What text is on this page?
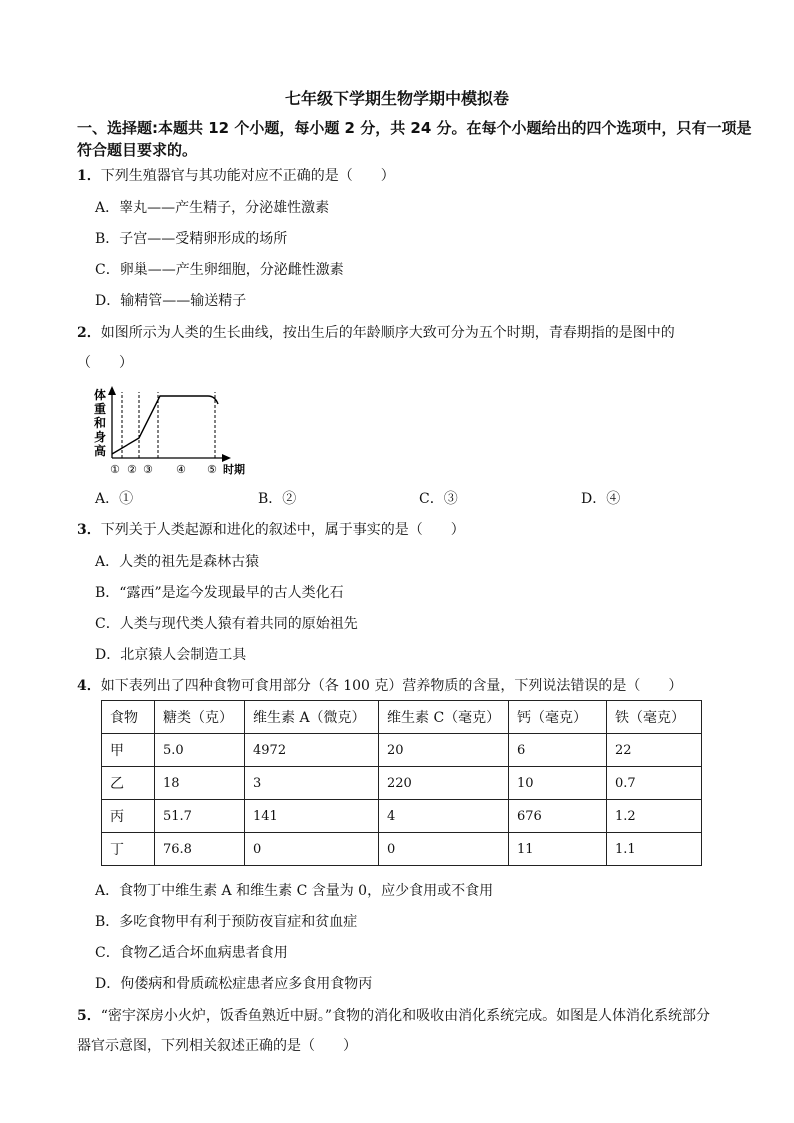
七年级下学期生物学期中模拟卷
一、选择题:本题共 12 个小题，每小题 2 分，共 24 分。在每个小题给出的四个选项中，只有一项是符合题目要求的。
1．下列生殖器官与其功能对应不正确的是（　　）
A．睾丸——产生精子，分泌雄性激素
B．子宫——受精卵形成的场所
C．卵巢——产生卵细胞，分泌雌性激素
D．输精管——输送精子
2．如图所示为人类的生长曲线，按出生后的年龄顺序大致可分为五个时期，青春期指的是图中的
（　　）
体
重
和
身
高
① ② ③ ④ ⑤ 时期
A．①	B．②	C．③	D．④
3．下列关于人类起源和进化的叙述中，属于事实的是（　　）
A．人类的祖先是森林古猿
B．“露西”是迄今发现最早的古人类化石
C．人类与现代类人猿有着共同的原始祖先
D．北京猿人会制造工具
4．如下表列出了四种食物可食用部分（各 100 克）营养物质的含量，下列说法错误的是（　　）
食物	糖类（克）	维生素 A（微克）	维生素 C（毫克）	钙（毫克）	铁（毫克）
甲	5.0	4972	20	6	22
乙	18	3	220	10	0.7
丙	51.7	141	4	676	1.2
丁	76.8	0	0	11	1.1
A．食物丁中维生素 A 和维生素 C 含量为 0，应少食用或不食用
B．多吃食物甲有利于预防夜盲症和贫血症
C．食物乙适合坏血病患者食用
D．佝偻病和骨质疏松症患者应多食用食物丙
5．“密宇深房小火炉，饭香鱼熟近中厨。”食物的消化和吸收由消化系统完成。如图是人体消化系统部分
器官示意图，下列相关叙述正确的是（　　）
